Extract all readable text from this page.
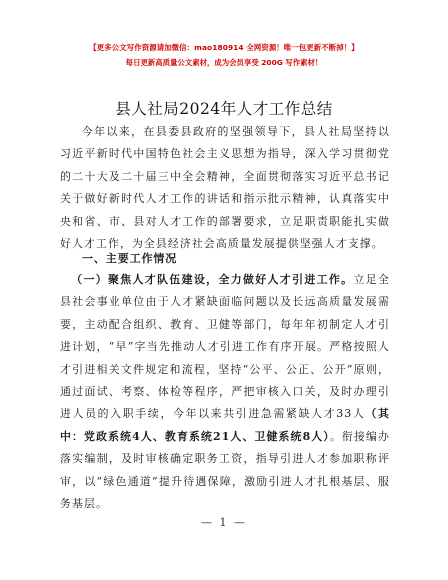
【更多公文写作资源请加微信：mao180914 全网资源！唯一包更新不断掉！】
每日更新高质量公文素材，成为会员享受 200G 写作素材！
县人社局2024年人才工作总结

今年以来，在县委县政府的坚强领导下，县人社局坚持以习近平新时代中国特色社会主义思想为指导，深入学习贯彻党的二十大及二十届三中全会精神，全面贯彻落实习近平总书记关于做好新时代人才工作的讲话和指示批示精神，认真落实中央和省、市、县对人才工作的部署要求，立足职责职能扎实做好人才工作，为全县经济社会高质量发展提供坚强人才支撑。

一、主要工作情况

（一）聚焦人才队伍建设，全力做好人才引进工作。立足全县社会事业单位由于人才紧缺面临问题以及长远高质量发展需要，主动配合组织、教育、卫健等部门，每年年初制定人才引进计划，“早”字当先推动人才引进工作有序开展。严格按照人才引进相关文件规定和流程，坚持“公平、公正、公开”原则，通过面试、考察、体检等程序，严把审核入口关，及时办理引进人员的入职手续，今年以来共引进急需紧缺人才33人（其中：党政系统4人、教育系统21人、卫健系统8人）。衔接编办落实编制，及时审核确定职务工资，指导引进人才参加职称评审，以“绿色通道”提升待遇保障，激励引进人才扎根基层、服务基层。

— 1 —
